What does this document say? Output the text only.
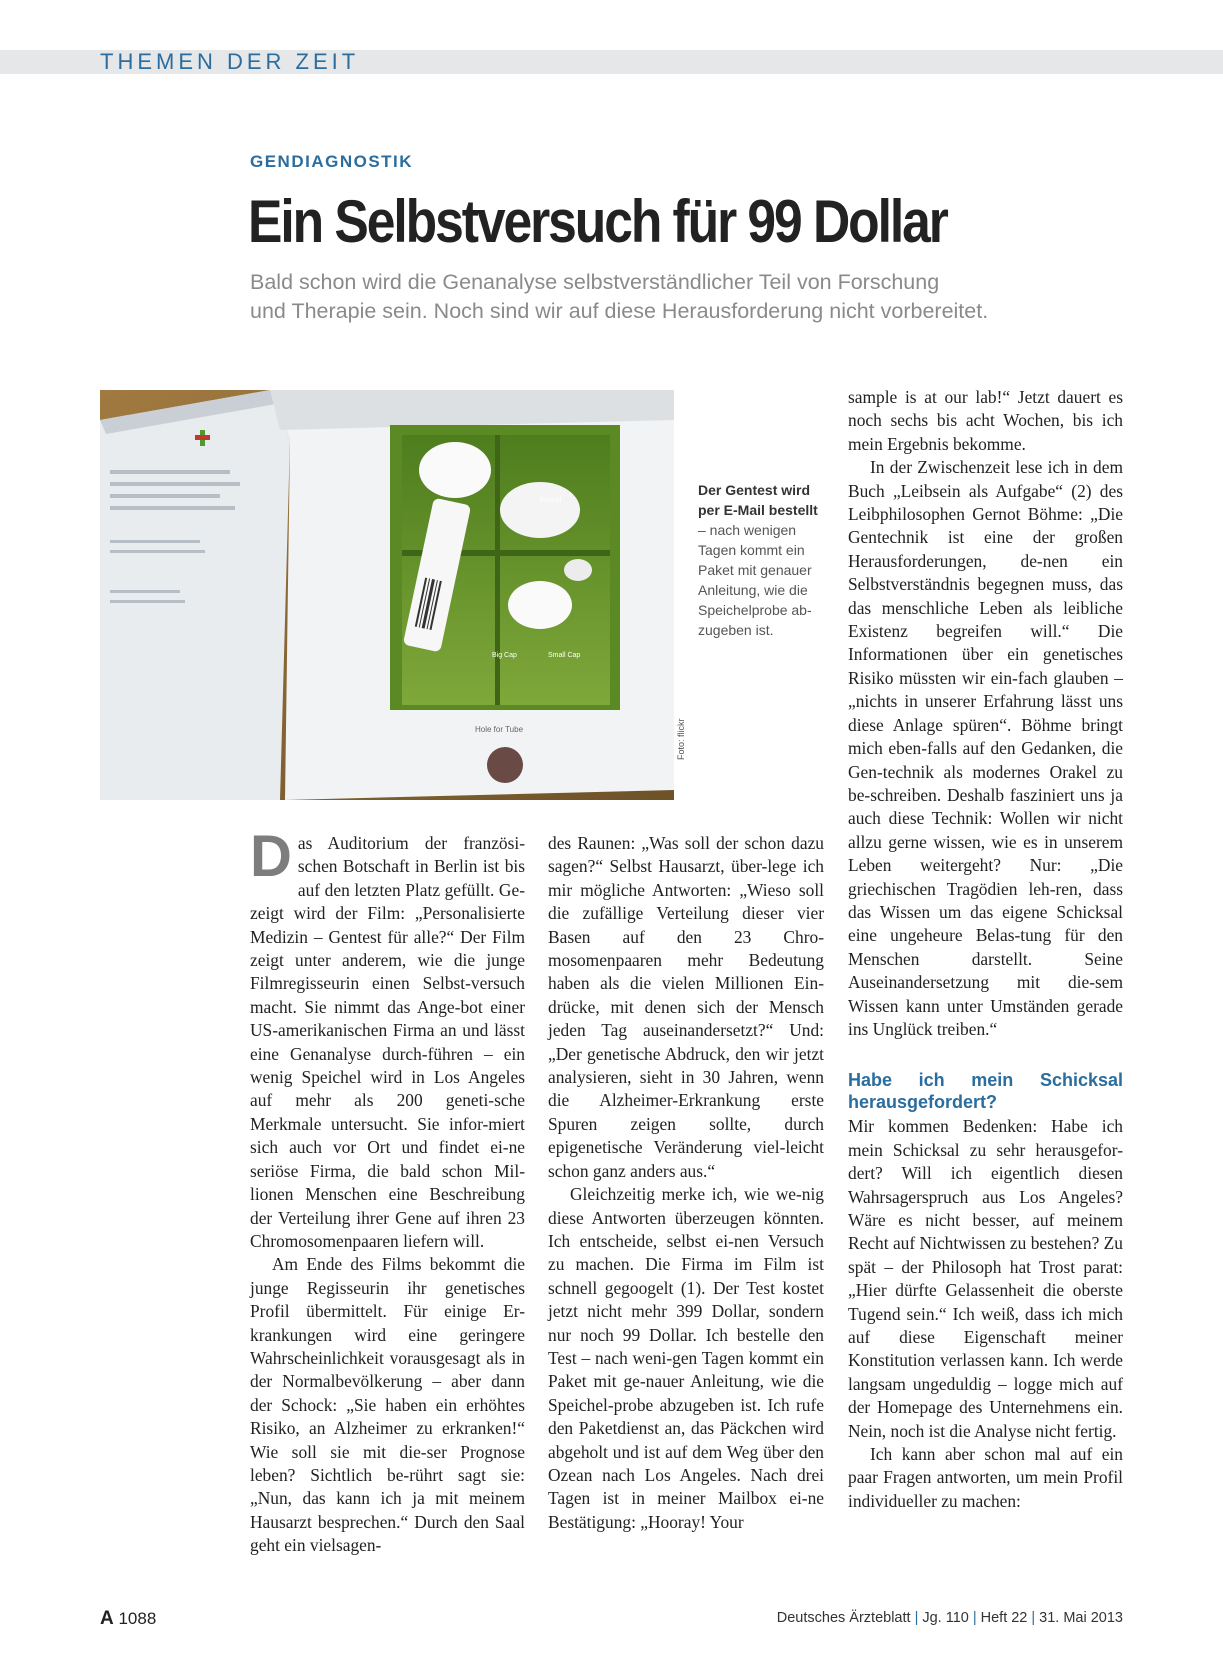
THEMEN DER ZEIT
GENDIAGNOSTIK
Ein Selbstversuch für 99 Dollar
Bald schon wird die Genanalyse selbstverständlicher Teil von Forschung
und Therapie sein. Noch sind wir auf diese Herausforderung nicht vorbereitet.
Funnel
Big Cap	Small Cap
Hole for Tube	Foto: flickr
Der Gentest wird per E-Mail bestellt – nach wenigen Tagen kommt ein Paket mit genauer Anleitung, wie die Speichelprobe ab-zugeben ist.

Das Auditorium der französi-schen Botschaft in Berlin ist bis auf den letzten Platz gefüllt. Ge-zeigt wird der Film: „Personalisierte Medizin – Gentest für alle?“ Der Film zeigt unter anderem, wie die junge Filmregisseurin einen Selbst-versuch macht. Sie nimmt das Ange-bot einer US-amerikanischen Firma an und lässt eine Genanalyse durch-führen – ein wenig Speichel wird in Los Angeles auf mehr als 200 geneti-sche Merkmale untersucht. Sie infor-miert sich auch vor Ort und findet ei-ne seriöse Firma, die bald schon Mil-lionen Menschen eine Beschreibung der Verteilung ihrer Gene auf ihren 23 Chromosomenpaaren liefern will.

Am Ende des Films bekommt die junge Regisseurin ihr genetisches Profil übermittelt. Für einige Er-krankungen wird eine geringere Wahrscheinlichkeit vorausgesagt als in der Normalbevölkerung – aber dann der Schock: „Sie haben ein erhöhtes Risiko, an Alzheimer zu erkranken!“ Wie soll sie mit die-ser Prognose leben? Sichtlich be-rührt sagt sie: „Nun, das kann ich ja mit meinem Hausarzt besprechen.“ Durch den Saal geht ein vielsagen-

des Raunen: „Was soll der schon dazu sagen?“ Selbst Hausarzt, über-lege ich mir mögliche Antworten: „Wieso soll die zufällige Verteilung dieser vier Basen auf den 23 Chro-mosomenpaaren mehr Bedeutung haben als die vielen Millionen Ein-drücke, mit denen sich der Mensch jeden Tag auseinandersetzt?“ Und: „Der genetische Abdruck, den wir jetzt analysieren, sieht in 30 Jahren, wenn die Alzheimer-Erkrankung erste Spuren zeigen sollte, durch epigenetische Veränderung viel-leicht schon ganz anders aus.“

Gleichzeitig merke ich, wie we-nig diese Antworten überzeugen könnten. Ich entscheide, selbst ei-nen Versuch zu machen. Die Firma im Film ist schnell gegoogelt (1). Der Test kostet jetzt nicht mehr 399 Dollar, sondern nur noch 99 Dollar. Ich bestelle den Test – nach weni-gen Tagen kommt ein Paket mit ge-nauer Anleitung, wie die Speichel-probe abzugeben ist. Ich rufe den Paketdienst an, das Päckchen wird abgeholt und ist auf dem Weg über den Ozean nach Los Angeles. Nach drei Tagen ist in meiner Mailbox ei-ne Bestätigung: „Hooray! Your

sample is at our lab!“ Jetzt dauert es noch sechs bis acht Wochen, bis ich mein Ergebnis bekomme.

In der Zwischenzeit lese ich in dem Buch „Leibsein als Aufgabe“ (2) des Leibphilosophen Gernot Böhme: „Die Gentechnik ist eine der großen Herausforderungen, de-nen ein Selbstverständnis begegnen muss, das das menschliche Leben als leibliche Existenz begreifen will.“ Die Informationen über ein genetisches Risiko müssten wir ein-fach glauben – „nichts in unserer Erfahrung lässt uns diese Anlage spüren“. Böhme bringt mich eben-falls auf den Gedanken, die Gen-technik als modernes Orakel zu be-schreiben. Deshalb fasziniert uns ja auch diese Technik: Wollen wir nicht allzu gerne wissen, wie es in unserem Leben weitergeht? Nur: „Die griechischen Tragödien leh-ren, dass das Wissen um das eigene Schicksal eine ungeheure Belas-tung für den Menschen darstellt. Seine Auseinandersetzung mit die-sem Wissen kann unter Umständen gerade ins Unglück treiben.“

Habe ich mein Schicksal herausgefordert?

Mir kommen Bedenken: Habe ich mein Schicksal zu sehr herausgefor-dert? Will ich eigentlich diesen Wahrsagerspruch aus Los Angeles? Wäre es nicht besser, auf meinem Recht auf Nichtwissen zu bestehen? Zu spät – der Philosoph hat Trost parat: „Hier dürfte Gelassenheit die oberste Tugend sein.“ Ich weiß, dass ich mich auf diese Eigenschaft meiner Konstitution verlassen kann. Ich werde langsam ungeduldig – logge mich auf der Homepage des Unternehmens ein. Nein, noch ist die Analyse nicht fertig.

Ich kann aber schon mal auf ein paar Fragen antworten, um mein Profil individueller zu machen:

A 1088	Deutsches Ärzteblatt | Jg. 110 | Heft 22 | 31. Mai 2013
